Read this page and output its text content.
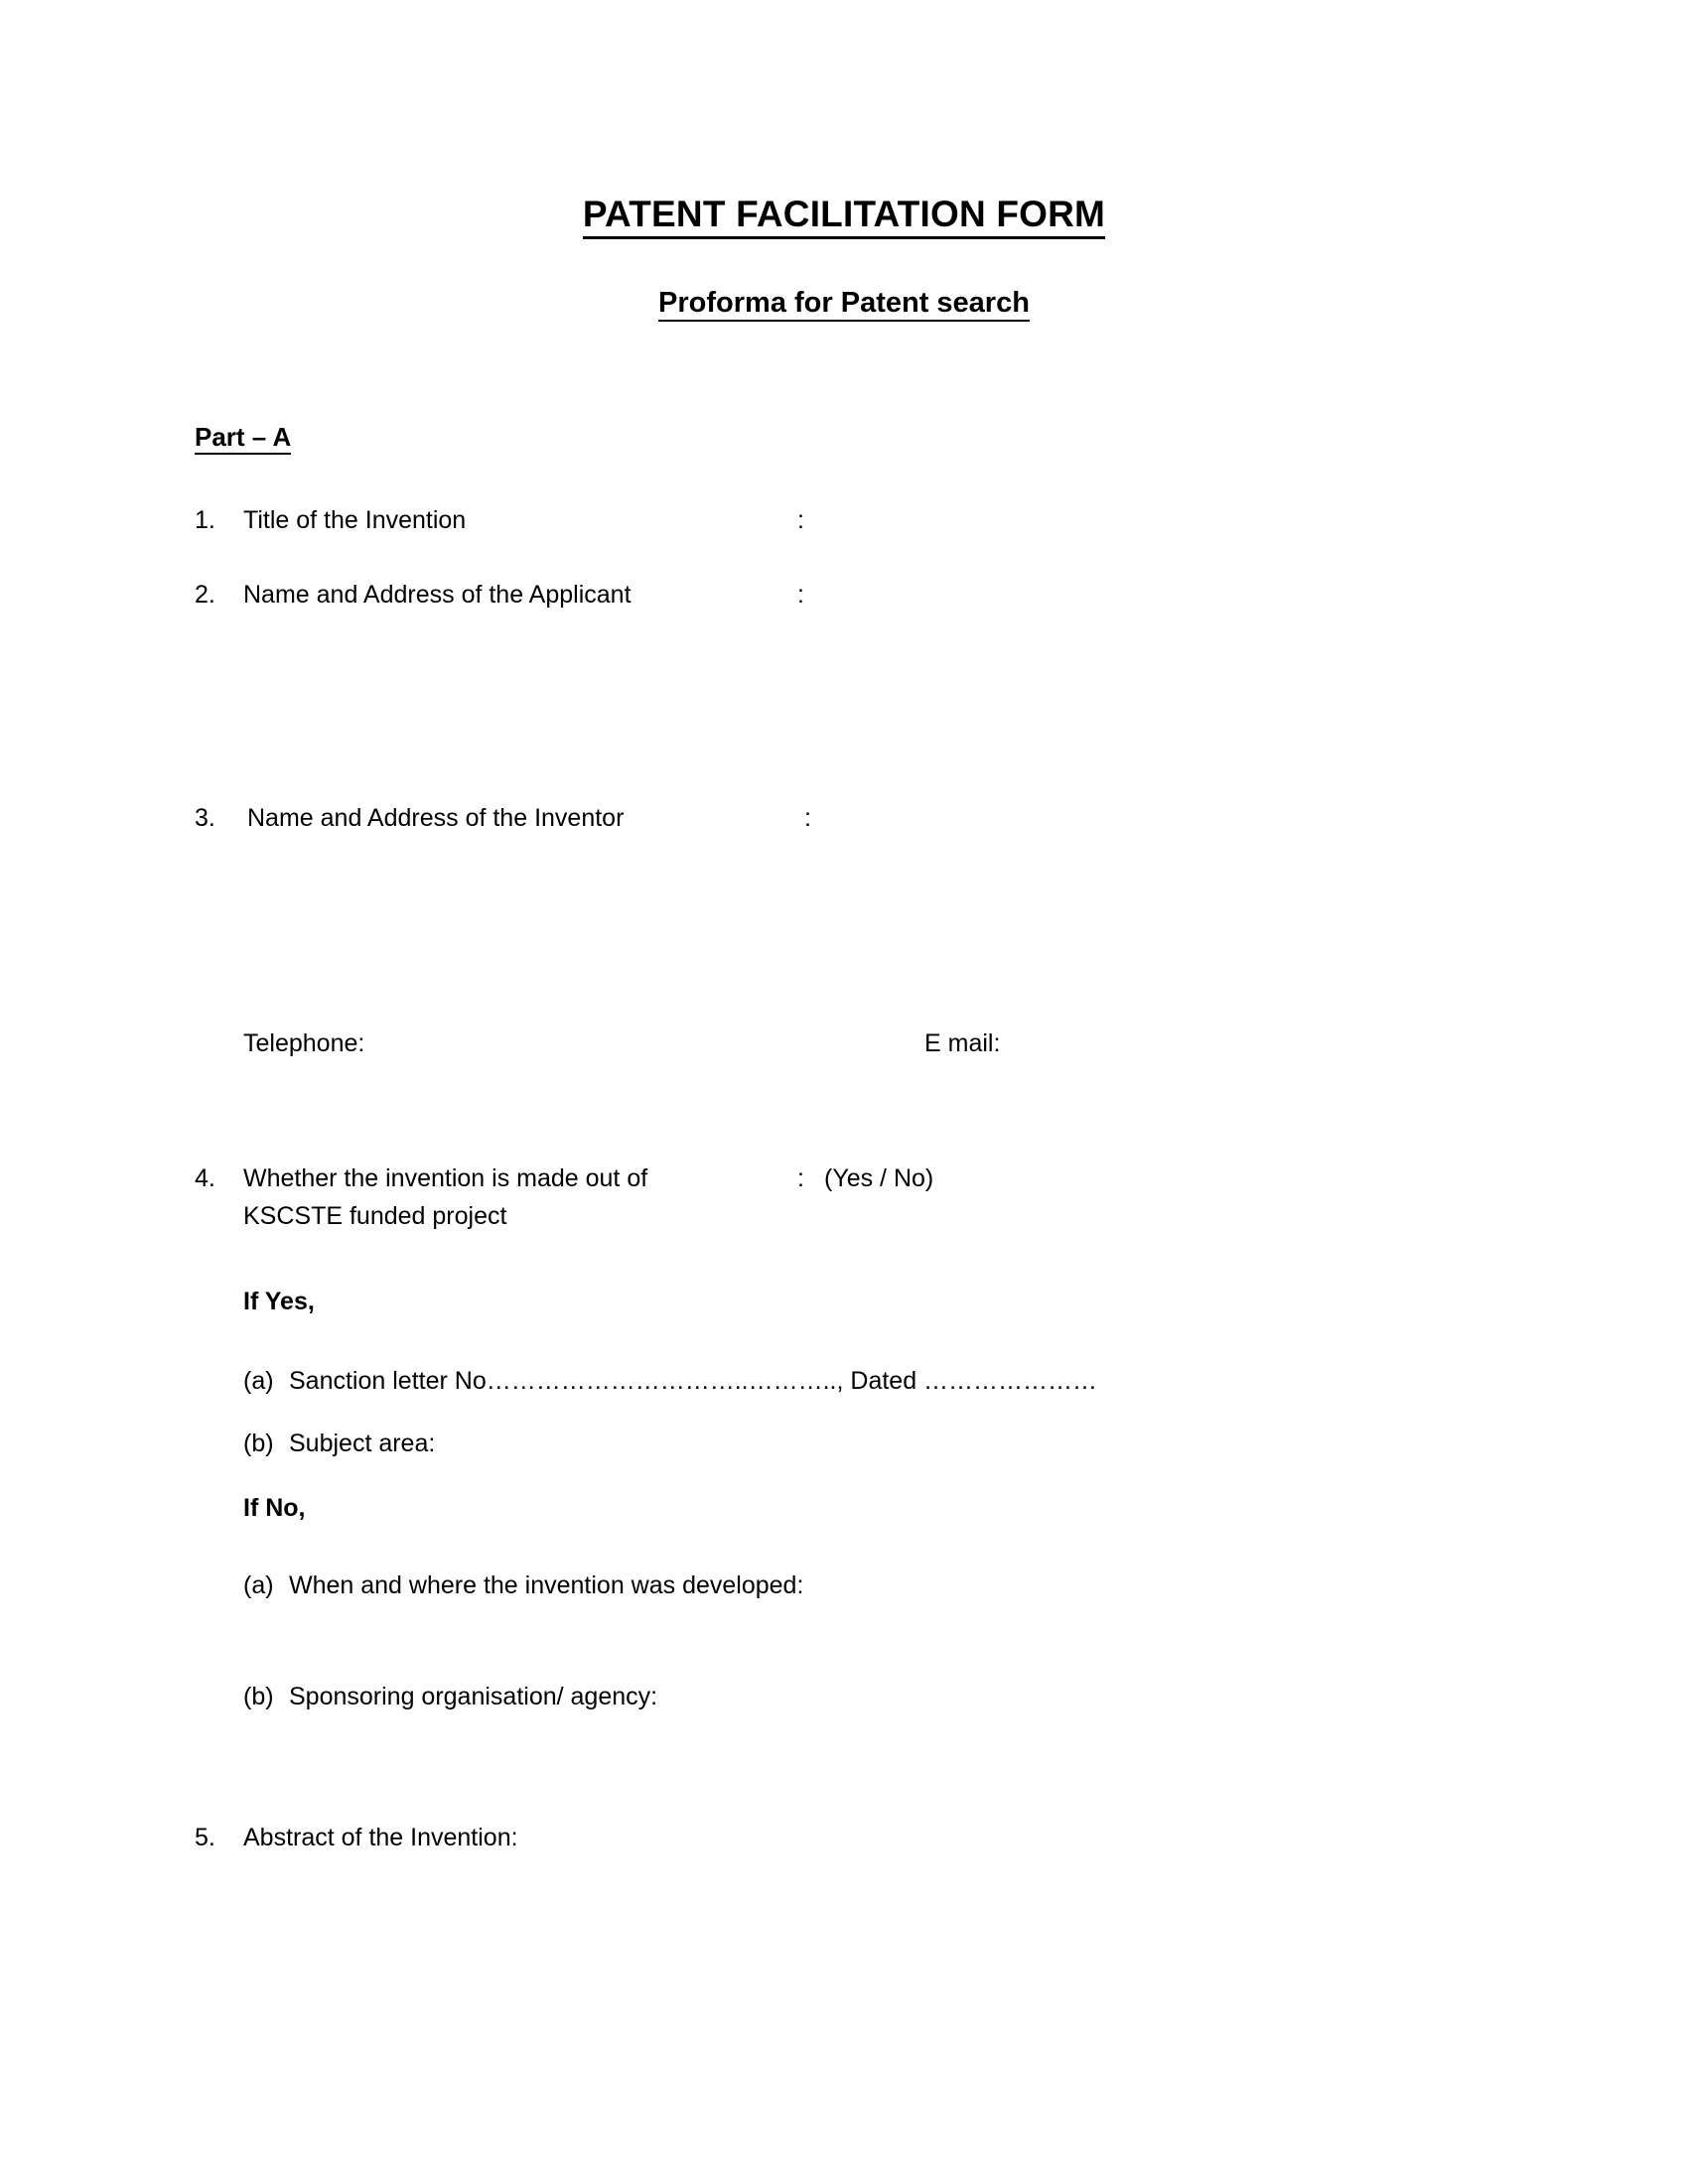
PATENT FACILITATION FORM
Proforma for Patent search
Part – A
1.	Title of the Invention	:
2.	Name and Address of the Applicant	:
3.	Name and Address of the Inventor	:
Telephone:	E mail:
4.	Whether the invention is made out of	: (Yes / No)
KSCSTE funded project
If Yes,
(a) Sanction letter No…………………………..……….., Dated …………………
(b) Subject area:
If No,
(a) When and where the invention was developed:
(b) Sponsoring organisation/ agency:
5.	Abstract of the Invention:
